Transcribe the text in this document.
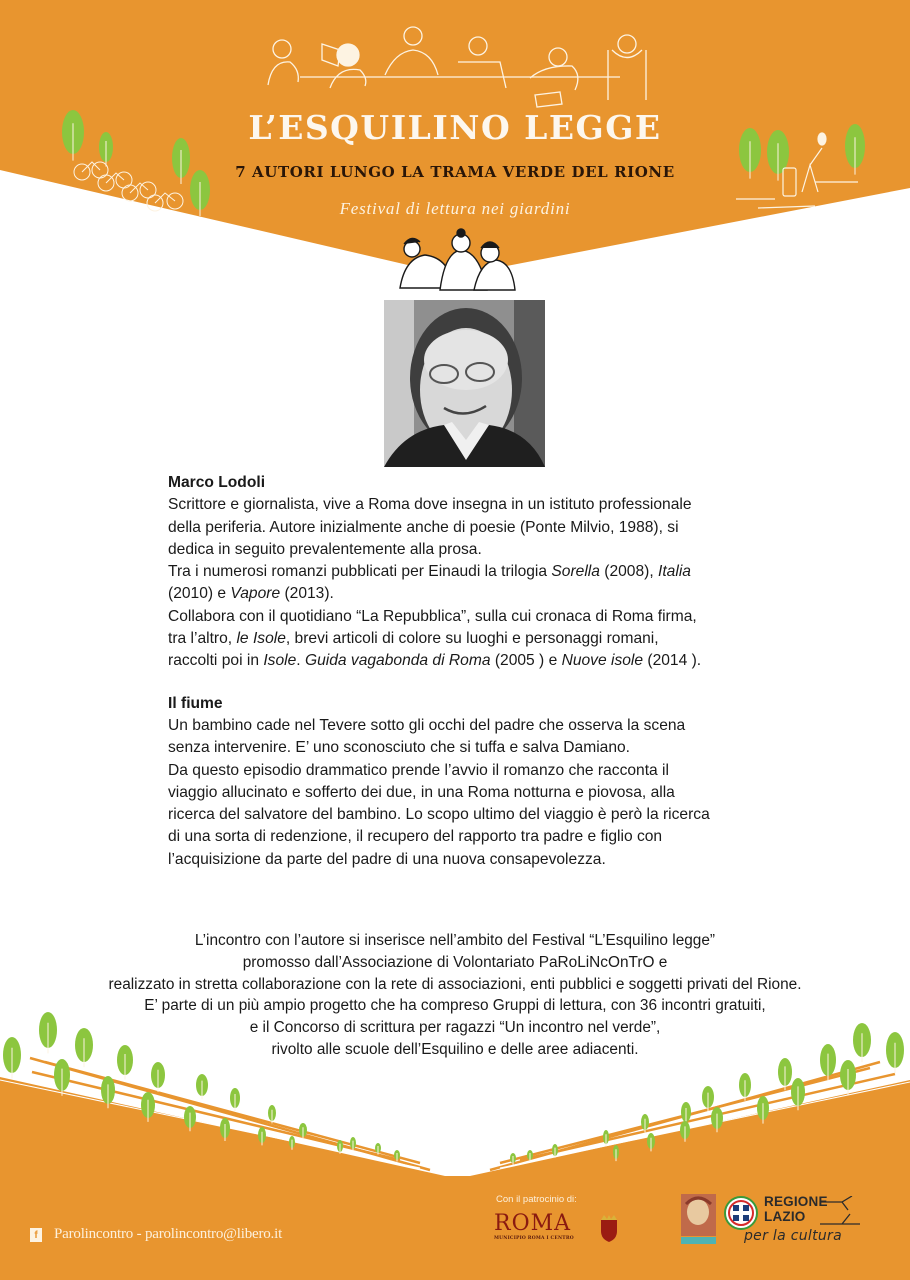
L’ESQUILINO LEGGE
7 AUTORI LUNGO LA TRAMA VERDE DEL RIONE
Festival di lettura nei giardini

Marco Lodoli

Scrittore e giornalista, vive a Roma dove insegna in un istituto professionale

della periferia. Autore inizialmente anche di poesie (Ponte Milvio, 1988), si

dedica in seguito prevalentemente alla prosa.

Tra i numerosi romanzi pubblicati per Einaudi la trilogia Sorella (2008), Italia

(2010) e Vapore (2013).

Collabora con il quotidiano “La Repubblica”, sulla cui cronaca di Roma firma,

tra l’altro, le Isole, brevi articoli di colore su luoghi e personaggi romani,

raccolti poi in Isole. Guida vagabonda di Roma (2005 ) e Nuove isole (2014 ).

Il fiume

Un bambino cade nel Tevere sotto gli occhi del padre che osserva la scena

senza intervenire. E’ uno sconosciuto che si tuffa e salva Damiano.

Da questo episodio drammatico prende l’avvio il romanzo che racconta il

viaggio allucinato e sofferto dei due, in una Roma notturna e piovosa, alla

ricerca del salvatore del bambino. Lo scopo ultimo del viaggio è però la ricerca

di una sorta di redenzione, il recupero del rapporto tra padre e figlio con

l’acquisizione da parte del padre di una nuova consapevolezza.

L’incontro con l’autore si inserisce nell’ambito del Festival “L’Esquilino legge”

promosso dall’Associazione di Volontariato PaRoLiNcOnTrO e

realizzato in stretta collaborazione con la rete di associazioni, enti pubblici e soggetti privati del Rione.

E’ parte di un più ampio progetto che ha compreso Gruppi di lettura, con 36 incontri gratuiti,

e il Concorso di scrittura per ragazzi “Un incontro nel verde”,

rivolto alle scuole dell’Esquilino e delle aree adiacenti.

f Parolincontro - parolincontro@libero.it
Con il patrocinio di:
ROMA
MUNICIPIO ROMA I CENTRO
REGIONE
LAZIO
per la cultura
